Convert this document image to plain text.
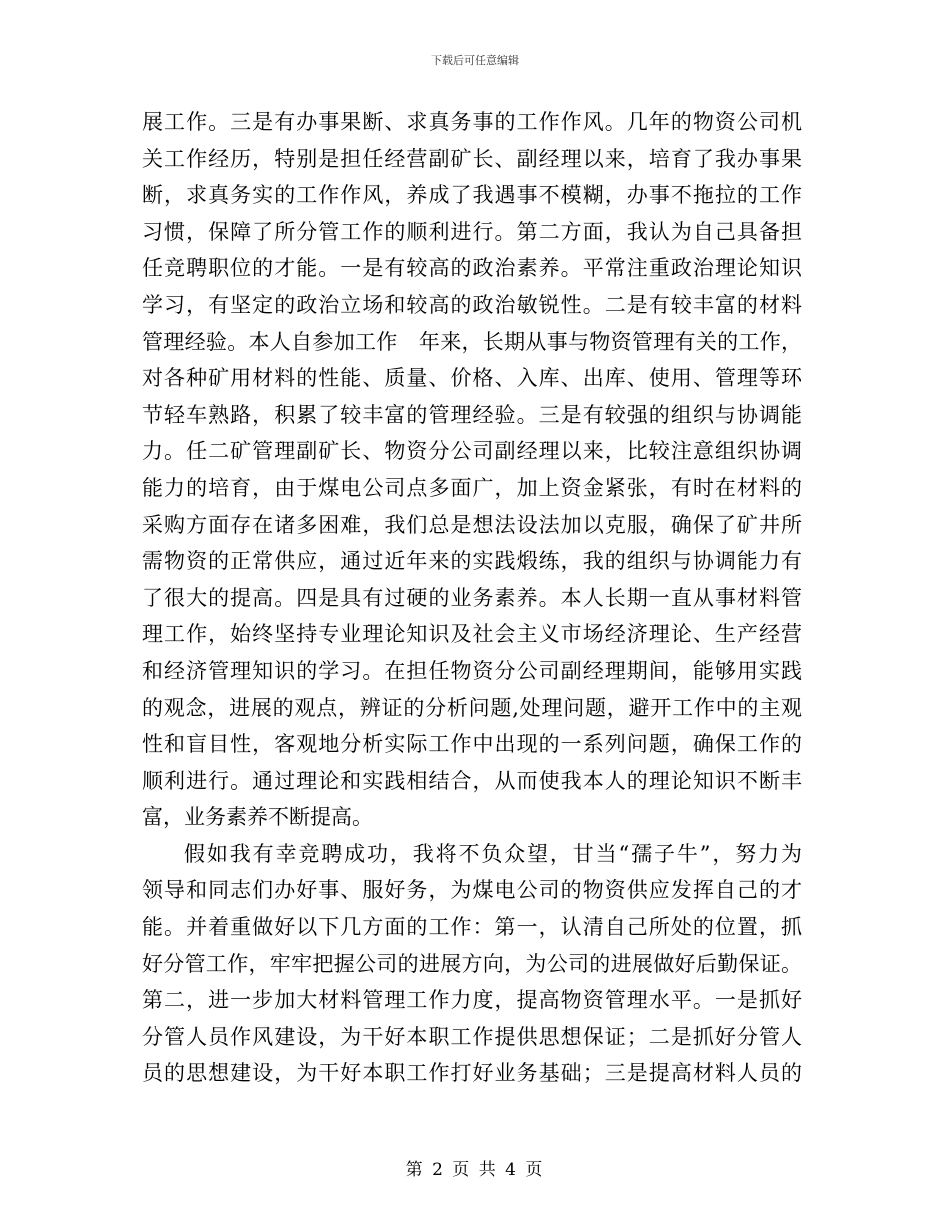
下载后可任意编辑
展工作。三是有办事果断、求真务事的工作作风。几年的物资公司机
关工作经历，特别是担任经营副矿长、副经理以来，培育了我办事果
断，求真务实的工作作风，养成了我遇事不模糊，办事不拖拉的工作
习惯，保障了所分管工作的顺利进行。第二方面，我认为自己具备担
任竞聘职位的才能。一是有较高的政治素养。平常注重政治理论知识
学习，有坚定的政治立场和较高的政治敏锐性。二是有较丰富的材料
管理经验。本人自参加工作　年来，长期从事与物资管理有关的工作，
对各种矿用材料的性能、质量、价格、入库、出库、使用、管理等环
节轻车熟路，积累了较丰富的管理经验。三是有较强的组织与协调能
力。任二矿管理副矿长、物资分公司副经理以来，比较注意组织协调
能力的培育，由于煤电公司点多面广，加上资金紧张，有时在材料的
采购方面存在诸多困难，我们总是想法设法加以克服，确保了矿井所
需物资的正常供应，通过近年来的实践煅练，我的组织与协调能力有
了很大的提高。四是具有过硬的业务素养。本人长期一直从事材料管
理工作，始终坚持专业理论知识及社会主义市场经济理论、生产经营
和经济管理知识的学习。在担任物资分公司副经理期间，能够用实践
的观念，进展的观点，辨证的分析问题,处理问题，避开工作中的主观
性和盲目性，客观地分析实际工作中出现的一系列问题，确保工作的
顺利进行。通过理论和实践相结合，从而使我本人的理论知识不断丰
富，业务素养不断提高。
假如我有幸竞聘成功，我将不负众望，甘当“孺子牛”，努力为
领导和同志们办好事、服好务，为煤电公司的物资供应发挥自己的才
能。并着重做好以下几方面的工作：第一，认清自己所处的位置，抓
好分管工作，牢牢把握公司的进展方向，为公司的进展做好后勤保证。
第二，进一步加大材料管理工作力度，提高物资管理水平。一是抓好
分管人员作风建设，为干好本职工作提供思想保证；二是抓好分管人
员的思想建设，为干好本职工作打好业务基础；三是提高材料人员的
第 2 页 共 4 页
